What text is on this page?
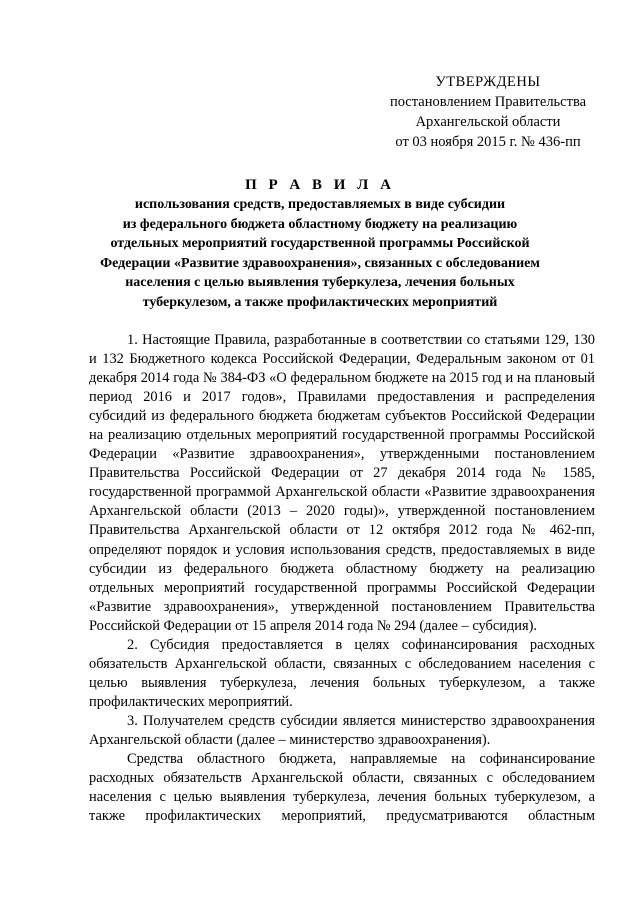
УТВЕРЖДЕНЫ
постановлением Правительства
Архангельской области
от 03 ноября 2015 г. № 436-пп
П Р А В И Л А
использования средств, предоставляемых в виде субсидии
из федерального бюджета областному бюджету на реализацию
отдельных мероприятий государственной программы Российской
Федерации «Развитие здравоохранения», связанных с обследованием
населения с целью выявления туберкулеза, лечения больных
туберкулезом, а также профилактических мероприятий

1. Настоящие Правила, разработанные в соответствии со статьями 129, 130 и 132 Бюджетного кодекса Российской Федерации, Федеральным законом от 01 декабря 2014 года № 384-ФЗ «О федеральном бюджете на 2015 год и на плановый период 2016 и 2017 годов», Правилами предоставления и распределения субсидий из федерального бюджета бюджетам субъектов Российской Федерации на реализацию отдельных мероприятий государственной программы Российской Федерации «Развитие здравоохранения», утвержденными постановлением Правительства Российской Федерации от 27 декабря 2014 года № 1585, государственной программой Архангельской области «Развитие здравоохранения Архангельской области (2013 – 2020 годы)», утвержденной постановлением Правительства Архангельской области от 12 октября 2012 года № 462-пп, определяют порядок и условия использования средств, предоставляемых в виде субсидии из федерального бюджета областному бюджету на реализацию отдельных мероприятий государственной программы Российской Федерации «Развитие здравоохранения», утвержденной постановлением Правительства Российской Федерации от 15 апреля 2014 года № 294 (далее – субсидия).

2. Субсидия предоставляется в целях софинансирования расходных обязательств Архангельской области, связанных с обследованием населения с целью выявления туберкулеза, лечения больных туберкулезом, а также профилактических мероприятий.

3. Получателем средств субсидии является министерство здравоохранения Архангельской области (далее – министерство здравоохранения).

Средства областного бюджета, направляемые на софинансирование расходных обязательств Архангельской области, связанных с обследованием населения с целью выявления туберкулеза, лечения больных туберкулезом, а также профилактических мероприятий, предусматриваются областным
